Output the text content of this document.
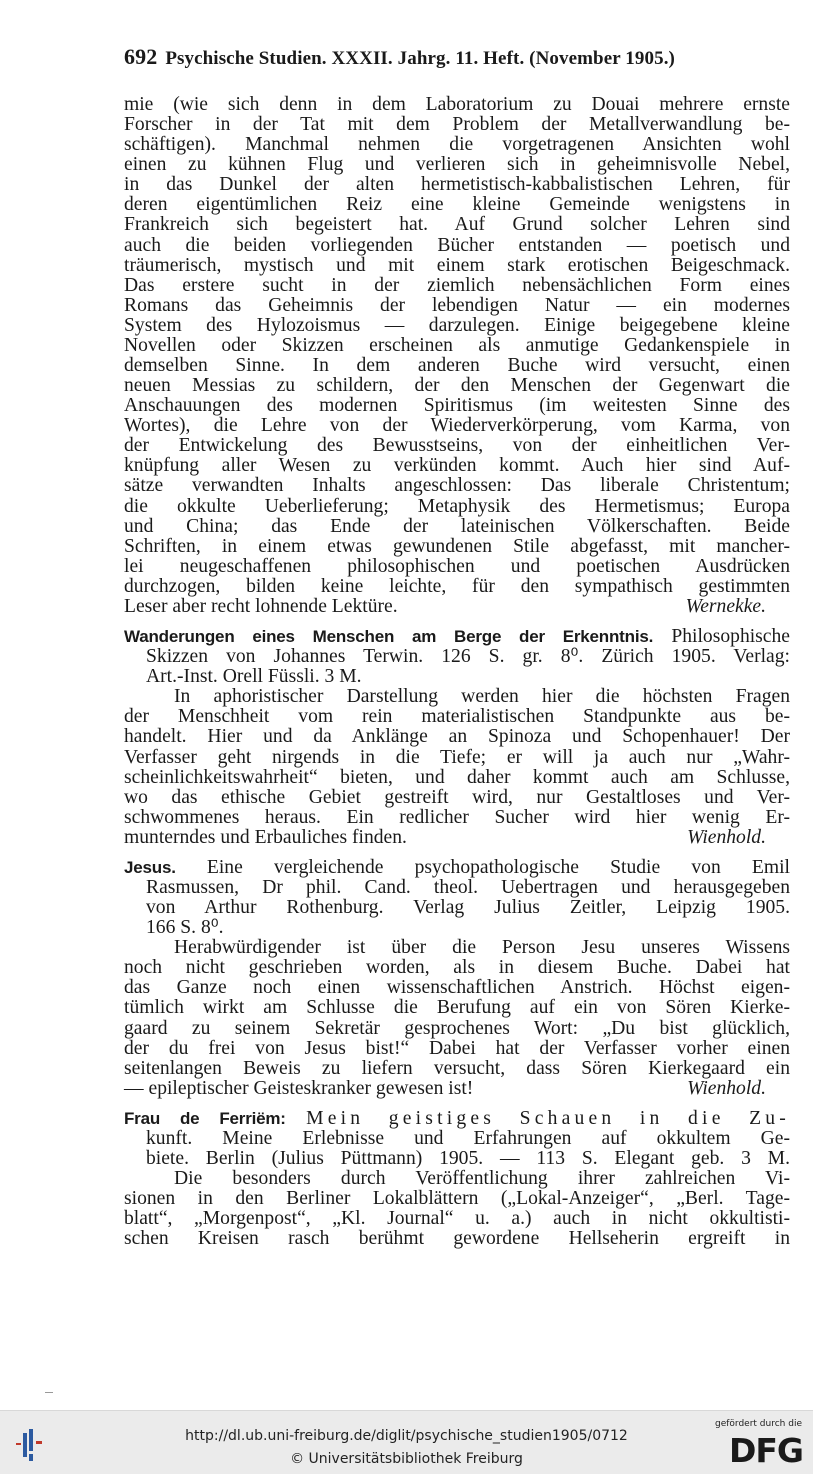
692 Psychische Studien. XXXII. Jahrg. 11. Heft. (November 1905.)
mie (wie sich denn in dem Laboratorium zu Douai mehrere ernste
Forscher in der Tat mit dem Problem der Metallverwandlung be-
schäftigen). Manchmal nehmen die vorgetragenen Ansichten wohl
einen zu kühnen Flug und verlieren sich in geheimnisvolle Nebel,
in das Dunkel der alten hermetistisch-kabbalistischen Lehren, für
deren eigentümlichen Reiz eine kleine Gemeinde wenigstens in
Frankreich sich begeistert hat. Auf Grund solcher Lehren sind
auch die beiden vorliegenden Bücher entstanden — poetisch und
träumerisch, mystisch und mit einem stark erotischen Beigeschmack.
Das erstere sucht in der ziemlich nebensächlichen Form eines
Romans das Geheimnis der lebendigen Natur — ein modernes
System des Hylozoismus — darzulegen. Einige beigegebene kleine
Novellen oder Skizzen erscheinen als anmutige Gedankenspiele in
demselben Sinne. In dem anderen Buche wird versucht, einen
neuen Messias zu schildern, der den Menschen der Gegenwart die
Anschauungen des modernen Spiritismus (im weitesten Sinne des
Wortes), die Lehre von der Wiederverkörperung, vom Karma, von
der Entwickelung des Bewusstseins, von der einheitlichen Ver-
knüpfung aller Wesen zu verkünden kommt. Auch hier sind Auf-
sätze verwandten Inhalts angeschlossen: Das liberale Christentum;
die okkulte Ueberlieferung; Metaphysik des Hermetismus; Europa
und China; das Ende der lateinischen Völkerschaften. Beide
Schriften, in einem etwas gewundenen Stile abgefasst, mit mancher-
lei neugeschaffenen philosophischen und poetischen Ausdrücken
durchzogen, bilden keine leichte, für den sympathisch gestimmten
Leser aber recht lohnende Lektüre.	Wernekke.
Wanderungen eines Menschen am Berge der Erkenntnis. Philosophische
Skizzen von Johannes Terwin. 126 S. gr. 8⁰. Zürich 1905. Verlag:
Art.-Inst. Orell Füssli. 3 M.
In aphoristischer Darstellung werden hier die höchsten Fragen
der Menschheit vom rein materialistischen Standpunkte aus be-
handelt. Hier und da Anklänge an Spinoza und Schopenhauer! Der
Verfasser geht nirgends in die Tiefe; er will ja auch nur „Wahr-
scheinlichkeitswahrheit“ bieten, und daher kommt auch am Schlusse,
wo das ethische Gebiet gestreift wird, nur Gestaltloses und Ver-
schwommenes heraus. Ein redlicher Sucher wird hier wenig Er-
munterndes und Erbauliches finden.	Wienhold.
Jesus. Eine vergleichende psychopathologische Studie von Emil
Rasmussen, Dr phil. Cand. theol. Uebertragen und herausgegeben
von Arthur Rothenburg. Verlag Julius Zeitler, Leipzig 1905.
166 S. 8⁰.
Herabwürdigender ist über die Person Jesu unseres Wissens
noch nicht geschrieben worden, als in diesem Buche. Dabei hat
das Ganze noch einen wissenschaftlichen Anstrich. Höchst eigen-
tümlich wirkt am Schlusse die Berufung auf ein von Sören Kierke-
gaard zu seinem Sekretär gesprochenes Wort: „Du bist glücklich,
der du frei von Jesus bist!“ Dabei hat der Verfasser vorher einen
seitenlangen Beweis zu liefern versucht, dass Sören Kierkegaard ein
— epileptischer Geisteskranker gewesen ist!	Wienhold.
Frau de Ferriëm: Mein geistiges Schauen in die Zu-
kunft. Meine Erlebnisse und Erfahrungen auf okkultem Ge-
biete. Berlin (Julius Püttmann) 1905. — 113 S. Elegant geb. 3 M.
Die besonders durch Veröffentlichung ihrer zahlreichen Vi-
sionen in den Berliner Lokalblättern („Lokal-Anzeiger“, „Berl. Tage-
blatt“, „Morgenpost“, „Kl. Journal“ u. a.) auch in nicht okkultisti-
schen Kreisen rasch berühmt gewordene Hellseherin ergreift in
http://dl.ub.uni-freiburg.de/diglit/psychische_studien1905/0712
© Universitätsbibliothek Freiburg
gefördert durch die
DFG
